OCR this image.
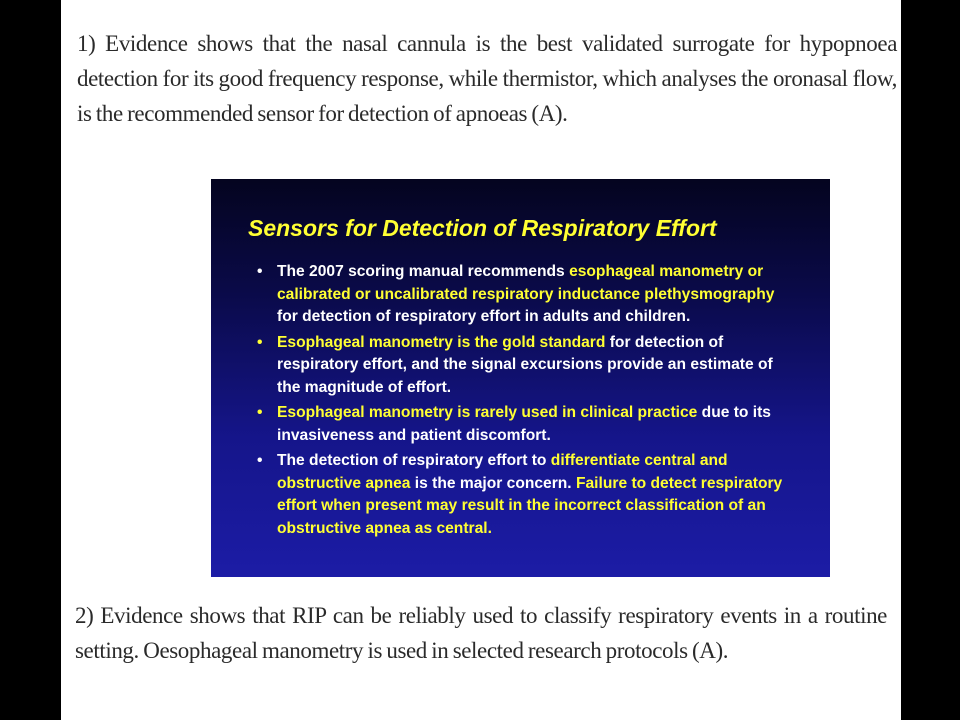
1) Evidence shows that the nasal cannula is the best validated surrogate for hypopnoea detection for its good frequency response, while thermistor, which analyses the oronasal flow, is the recommended sensor for detection of apnoeas (A).

Sensors for Detection of Respiratory Effort
• The 2007 scoring manual recommends esophageal manometry or calibrated or uncalibrated respiratory inductance plethysmography for detection of respiratory effort in adults and children.
• Esophageal manometry is the gold standard for detection of respiratory effort, and the signal excursions provide an estimate of the magnitude of effort.
• Esophageal manometry is rarely used in clinical practice due to its invasiveness and patient discomfort.
• The detection of respiratory effort to differentiate central and obstructive apnea is the major concern. Failure to detect respiratory effort when present may result in the incorrect classification of an obstructive apnea as central.

2) Evidence shows that RIP can be reliably used to classify respiratory events in a routine setting. Oesophageal manometry is used in selected research protocols (A).
